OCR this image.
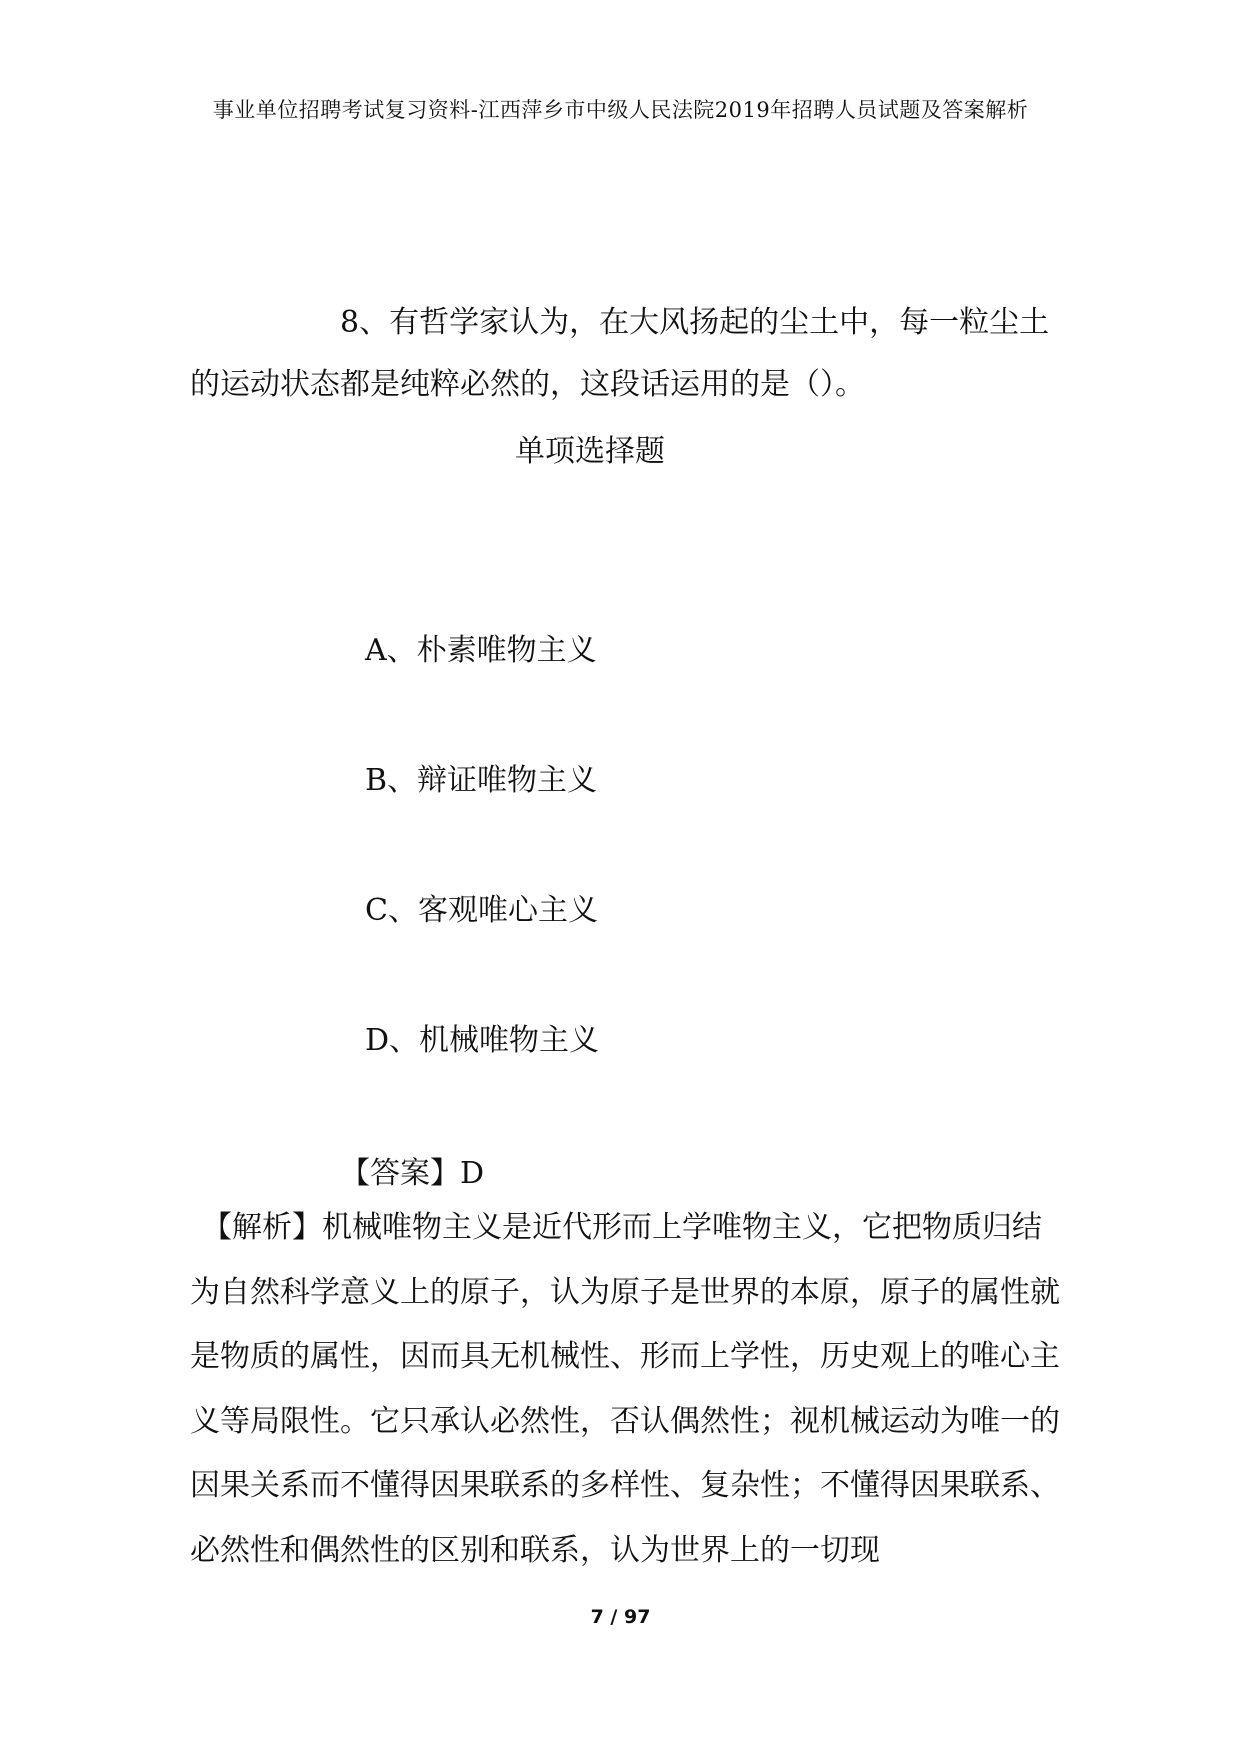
事业单位招聘考试复习资料-江西萍乡市中级人民法院2019年招聘人员试题及答案解析
8、有哲学家认为，在大风扬起的尘土中，每一粒尘土的运动状态都是纯粹必然的，这段话运用的是（）。
单项选择题
A、朴素唯物主义
B、辩证唯物主义
C、客观唯心主义
D、机械唯物主义
【答案】D
【解析】机械唯物主义是近代形而上学唯物主义，它把物质归结为自然科学意义上的原子，认为原子是世界的本原，原子的属性就是物质的属性，因而具无机械性、形而上学性，历史观上的唯心主义等局限性。它只承认必然性，否认偶然性；视机械运动为唯一的因果关系而不懂得因果联系的多样性、复杂性；不懂得因果联系、必然性和偶然性的区别和联系，认为世界上的一切现
7 / 97
